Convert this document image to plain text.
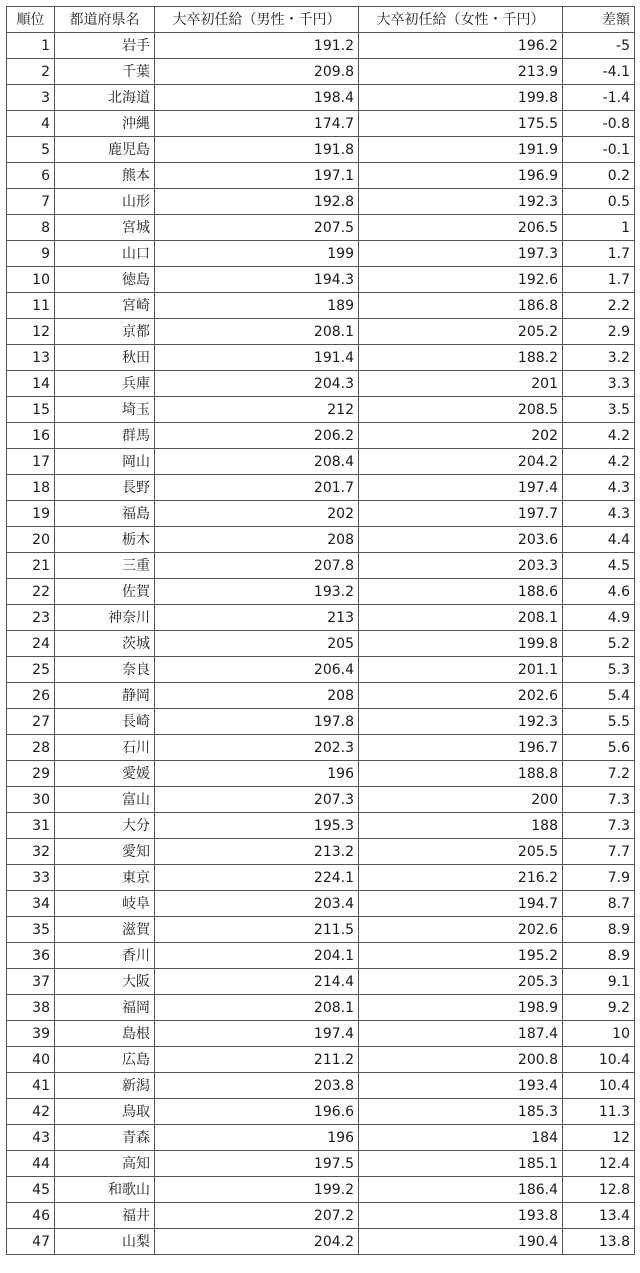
順位	都道府県名	大卒初任給（男性・千円）	大卒初任給（女性・千円）	差額
1	岩手	191.2	196.2	-5
2	千葉	209.8	213.9	-4.1
3	北海道	198.4	199.8	-1.4
4	沖縄	174.7	175.5	-0.8
5	鹿児島	191.8	191.9	-0.1
6	熊本	197.1	196.9	0.2
7	山形	192.8	192.3	0.5
8	宮城	207.5	206.5	1
9	山口	199	197.3	1.7
10	徳島	194.3	192.6	1.7
11	宮崎	189	186.8	2.2
12	京都	208.1	205.2	2.9
13	秋田	191.4	188.2	3.2
14	兵庫	204.3	201	3.3
15	埼玉	212	208.5	3.5
16	群馬	206.2	202	4.2
17	岡山	208.4	204.2	4.2
18	長野	201.7	197.4	4.3
19	福島	202	197.7	4.3
20	栃木	208	203.6	4.4
21	三重	207.8	203.3	4.5
22	佐賀	193.2	188.6	4.6
23	神奈川	213	208.1	4.9
24	茨城	205	199.8	5.2
25	奈良	206.4	201.1	5.3
26	静岡	208	202.6	5.4
27	長崎	197.8	192.3	5.5
28	石川	202.3	196.7	5.6
29	愛媛	196	188.8	7.2
30	富山	207.3	200	7.3
31	大分	195.3	188	7.3
32	愛知	213.2	205.5	7.7
33	東京	224.1	216.2	7.9
34	岐阜	203.4	194.7	8.7
35	滋賀	211.5	202.6	8.9
36	香川	204.1	195.2	8.9
37	大阪	214.4	205.3	9.1
38	福岡	208.1	198.9	9.2
39	島根	197.4	187.4	10
40	広島	211.2	200.8	10.4
41	新潟	203.8	193.4	10.4
42	鳥取	196.6	185.3	11.3
43	青森	196	184	12
44	高知	197.5	185.1	12.4
45	和歌山	199.2	186.4	12.8
46	福井	207.2	193.8	13.4
47	山梨	204.2	190.4	13.8
